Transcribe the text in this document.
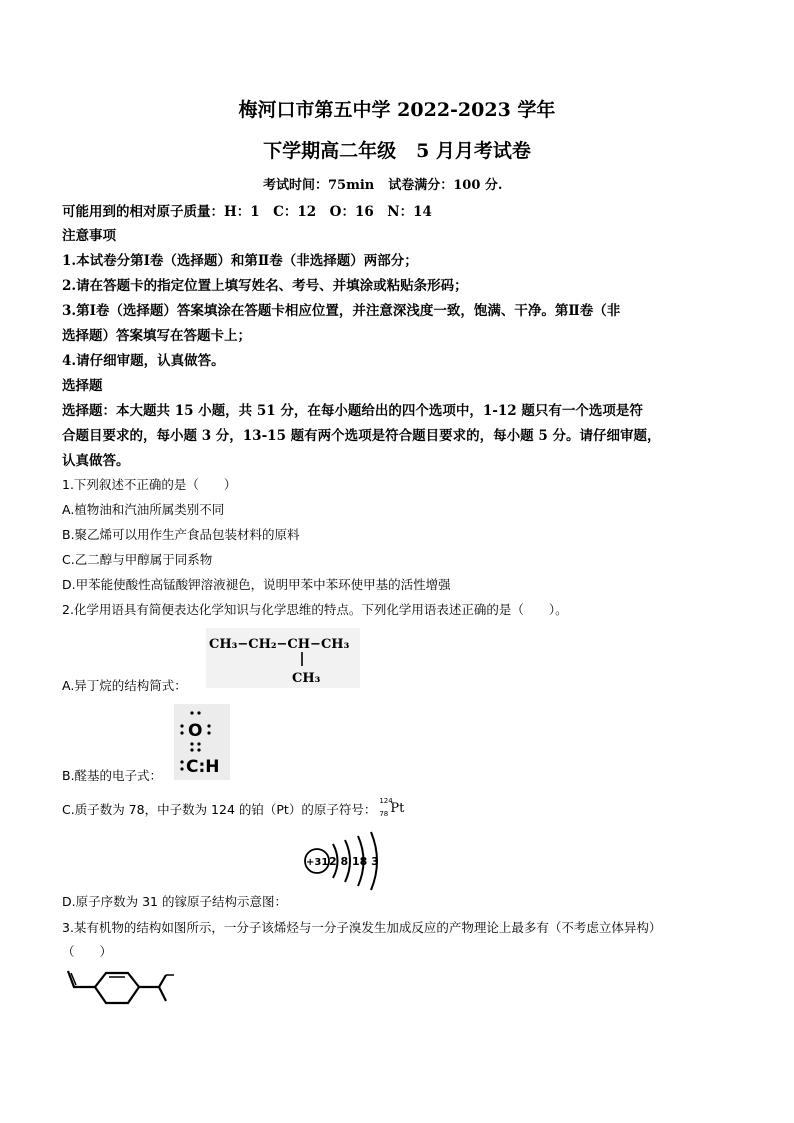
梅河口市第五中学 2022-2023 学年
下学期高二年级 5 月月考试卷
考试时间：75min 试卷满分：100 分.
可能用到的相对原子质量：H：1　C：12　O：16　N：14
注意事项
1.本试卷分第Ⅰ卷（选择题）和第Ⅱ卷（非选择题）两部分；
2.请在答题卡的指定位置上填写姓名、考号、并填涂或粘贴条形码；
3.第Ⅰ卷（选择题）答案填涂在答题卡相应位置，并注意深浅度一致，饱满、干净。第Ⅱ卷（非
选择题）答案填写在答题卡上；
4.请仔细审题，认真做答。
选择题
选择题：本大题共 15 小题，共 51 分，在每小题给出的四个选项中，1-12 题只有一个选项是符
合题目要求的，每小题 3 分，13-15 题有两个选项是符合题目要求的，每小题 5 分。请仔细审题，
认真做答。
1.下列叙述不正确的是（　　）
A.植物油和汽油所属类别不同
B.聚乙烯可以用作生产食品包装材料的原料
C.乙二醇与甲醇属于同系物
D.甲苯能使酸性高锰酸钾溶液褪色，说明甲苯中苯环使甲基的活性增强
2.化学用语具有简便表达化学知识与化学思维的特点。下列化学用语表述正确的是（　　）。
CH₃−CH₂−CH−CH₃
CH₃
A.异丁烷的结构简式：
O
C:H
B.醛基的电子式：
C.质子数为 78，中子数为 124 的铂（Pt）的原子符号：
124
78 Pt
+31 2 8 18 3
D.原子序数为 31 的镓原子结构示意图：
3.某有机物的结构如图所示，一分子该烯烃与一分子溴发生加成反应的产物理论上最多有（不考虑立体异构）
（　　）
